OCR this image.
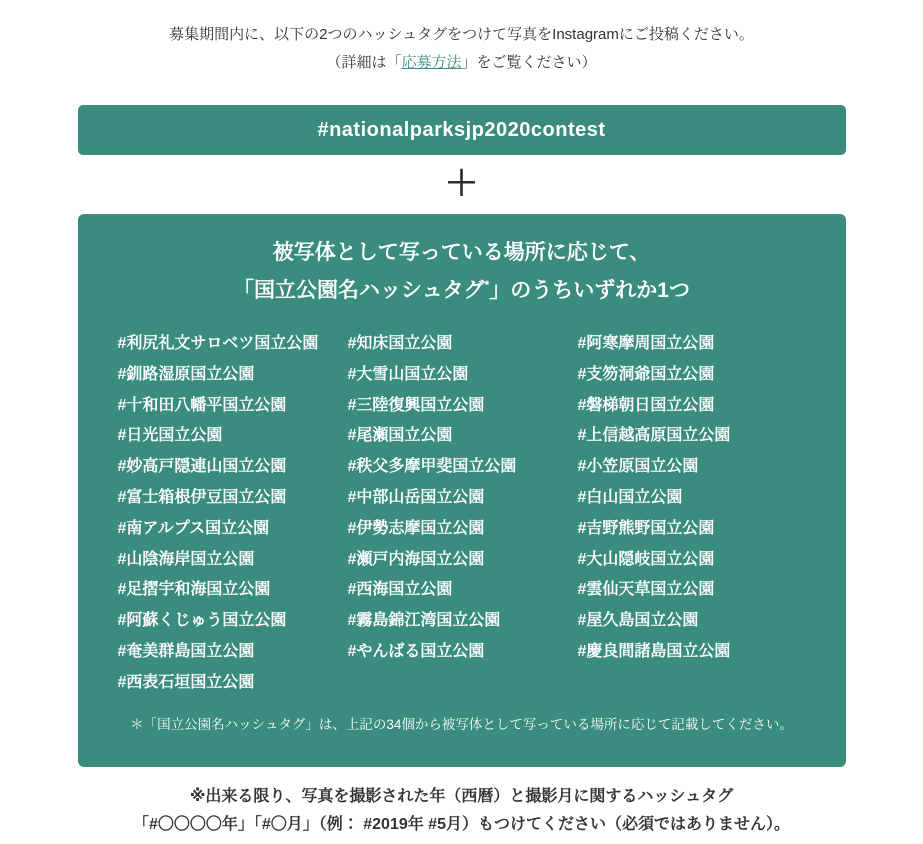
募集期間内に、以下の2つのハッシュタグをつけて写真をInstagramにご投稿ください。
（詳細は「応募方法」をご覧ください）
#nationalparksjp2020contest
＋
被写体として写っている場所に応じて、
「国立公園名ハッシュタグ*」のうちいずれか1つ
#利尻礼文サロベツ国立公園
#釧路湿原国立公園
#十和田八幡平国立公園
#日光国立公園
#妙高戸隠連山国立公園
#富士箱根伊豆国立公園
#南アルプス国立公園
#山陰海岸国立公園
#足摺宇和海国立公園
#阿蘇くじゅう国立公園
#奄美群島国立公園
#西表石垣国立公園
#知床国立公園
#大雪山国立公園
#三陸復興国立公園
#尾瀬国立公園
#秩父多摩甲斐国立公園
#中部山岳国立公園
#伊勢志摩国立公園
#瀬戸内海国立公園
#西海国立公園
#霧島錦江湾国立公園
#やんばる国立公園
#阿寒摩周国立公園
#支笏洞爺国立公園
#磐梯朝日国立公園
#上信越高原国立公園
#小笠原国立公園
#白山国立公園
#吉野熊野国立公園
#大山隠岐国立公園
#雲仙天草国立公園
#屋久島国立公園
#慶良間諸島国立公園
＊「国立公園名ハッシュタグ」は、上記の34個から被写体として写っている場所に応じて記載してください。
※出来る限り、写真を撮影された年（西暦）と撮影月に関するハッシュタグ
「#〇〇〇〇年」「#〇月」（例： #2019年 #5月）もつけてください（必須ではありません）。
